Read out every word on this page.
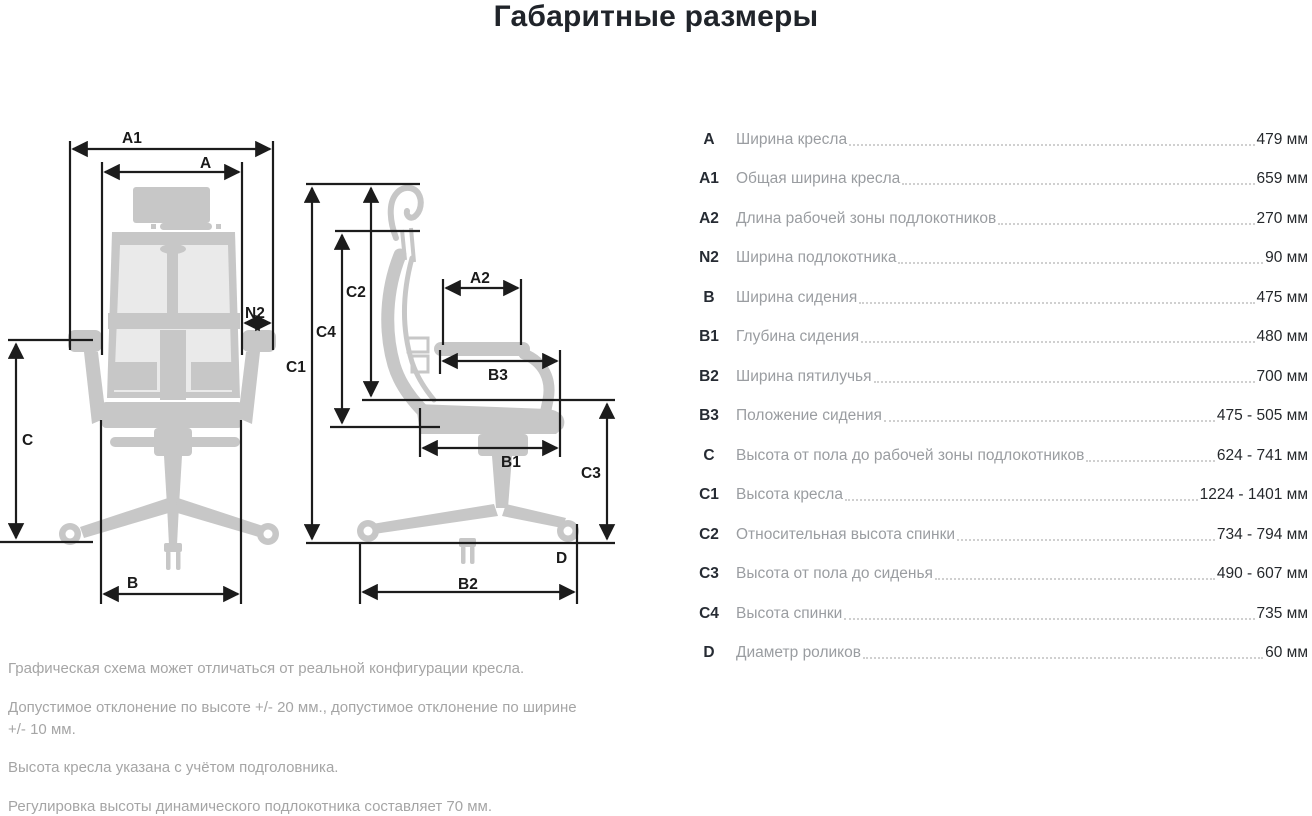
Габаритные размеры
A1
A
N2
C
B
C1
C2
C4
A2
B3
B1
C3
B2
D
A	Ширина кресла	479 мм
A1	Общая ширина кресла	659 мм
A2	Длина рабочей зоны подлокотников	270 мм
N2	Ширина подлокотника	90 мм
B	Ширина сидения	475 мм
B1	Глубина сидения	480 мм
B2	Ширина пятилучья	700 мм
B3	Положение сидения	475 - 505 мм
C	Высота от пола до рабочей зоны подлокотников	624 - 741 мм
C1	Высота кресла	1224 - 1401 мм
C2	Относительная высота спинки	734 - 794 мм
C3	Высота от пола до сиденья	490 - 607 мм
C4	Высота спинки	735 мм
D	Диаметр роликов	60 мм

Графическая схема может отличаться от реальной конфигурации кресла.

Допустимое отклонение по высоте +/- 20 мм., допустимое отклонение по ширине +/- 10 мм.

Высота кресла указана с учётом подголовника.

Регулировка высоты динамического подлокотника составляет 70 мм.
